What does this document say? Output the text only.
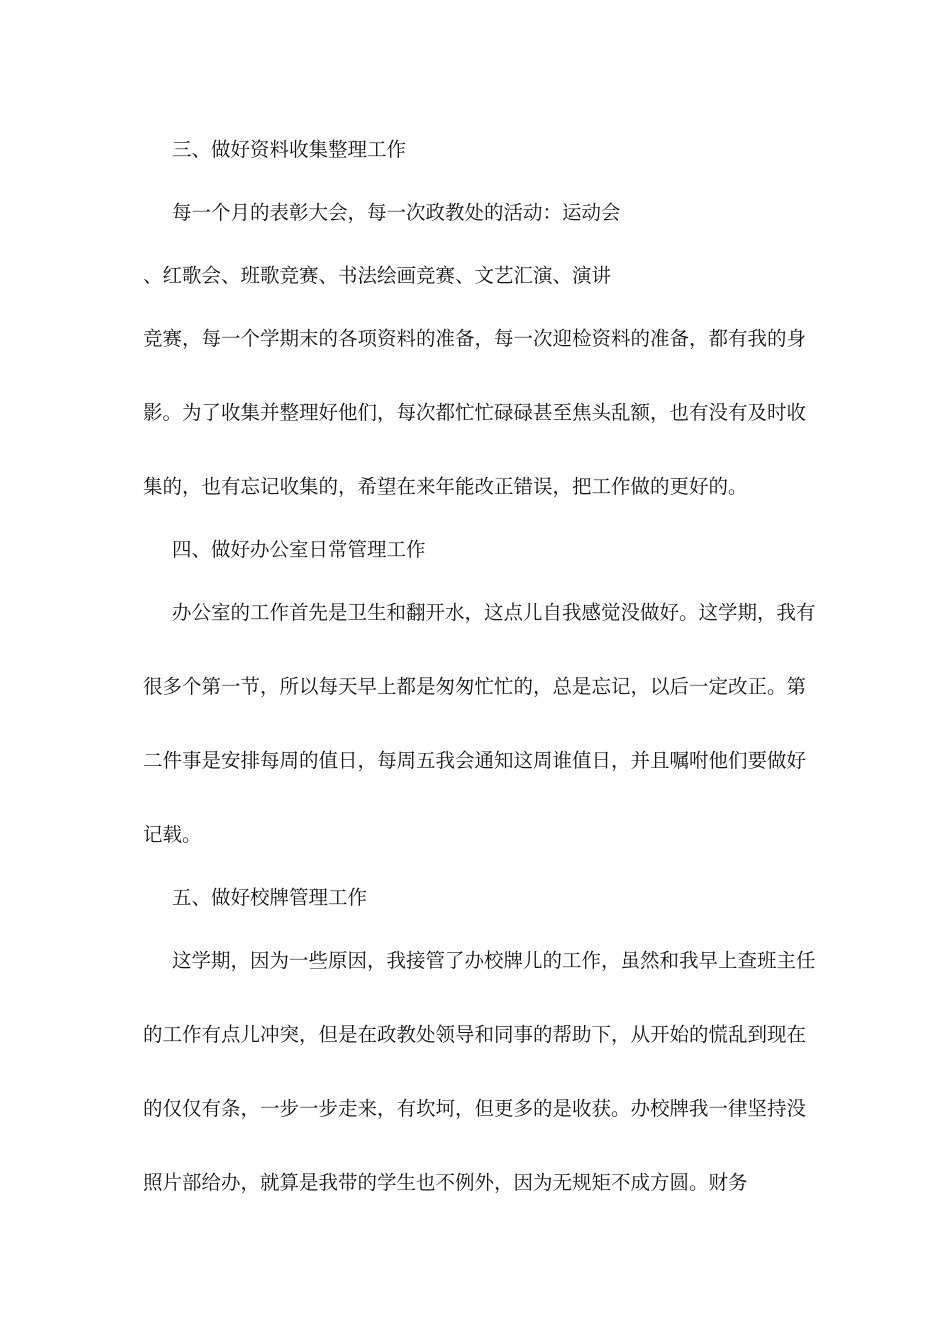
三、做好资料收集整理工作
每一个月的表彰大会，每一次政教处的活动：运动会
、红歌会、班歌竞赛、书法绘画竞赛、文艺汇演、演讲
竞赛，每一个学期末的各项资料的准备，每一次迎检资料的准备，都有我的身
影。为了收集并整理好他们，每次都忙忙碌碌甚至焦头乱额，也有没有及时收
集的，也有忘记收集的，希望在来年能改正错误，把工作做的更好的。
四、做好办公室日常管理工作
办公室的工作首先是卫生和翻开水，这点儿自我感觉没做好。这学期，我有
很多个第一节，所以每天早上都是匆匆忙忙的，总是忘记，以后一定改正。第
二件事是安排每周的值日，每周五我会通知这周谁值日，并且嘱咐他们要做好
记载。
五、做好校牌管理工作
这学期，因为一些原因，我接管了办校牌儿的工作，虽然和我早上查班主任
的工作有点儿冲突，但是在政教处领导和同事的帮助下，从开始的慌乱到现在
的仅仅有条，一步一步走来，有坎坷，但更多的是收获。办校牌我一律坚持没
照片部给办，就算是我带的学生也不例外，因为无规矩不成方圆。财务
